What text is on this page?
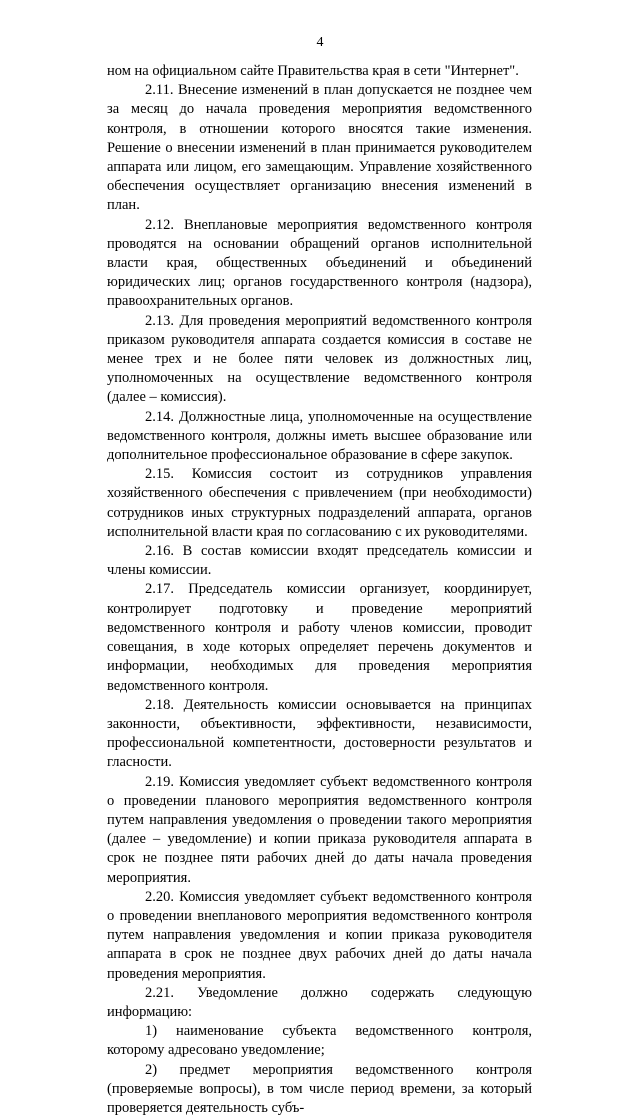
4

ном на официальном сайте Правительства края в сети "Интернет".

2.11. Внесение изменений в план допускается не позднее чем за месяц до начала проведения мероприятия ведомственного контроля, в отношении которого вносятся такие изменения. Решение о внесении изменений в план принимается руководителем аппарата или лицом, его замещающим. Управление хозяйственного обеспечения осуществляет организацию внесения изменений в план.

2.12. Внеплановые мероприятия ведомственного контроля проводятся на основании обращений органов исполнительной власти края, общественных объединений и объединений юридических лиц; органов государственного контроля (надзора), правоохранительных органов.

2.13. Для проведения мероприятий ведомственного контроля приказом руководителя аппарата создается комиссия в составе не менее трех и не более пяти человек из должностных лиц, уполномоченных на осуществление ведомственного контроля (далее – комиссия).

2.14. Должностные лица, уполномоченные на осуществление ведомственного контроля, должны иметь высшее образование или дополнительное профессиональное образование в сфере закупок.

2.15. Комиссия состоит из сотрудников управления хозяйственного обеспечения с привлечением (при необходимости) сотрудников иных структурных подразделений аппарата, органов исполнительной власти края по согласованию с их руководителями.

2.16. В состав комиссии входят председатель комиссии и члены комиссии.

2.17. Председатель комиссии организует, координирует, контролирует подготовку и проведение мероприятий ведомственного контроля и работу членов комиссии, проводит совещания, в ходе которых определяет перечень документов и информации, необходимых для проведения мероприятия ведомственного контроля.

2.18. Деятельность комиссии основывается на принципах законности, объективности, эффективности, независимости, профессиональной компетентности, достоверности результатов и гласности.

2.19. Комиссия уведомляет субъект ведомственного контроля о проведении планового мероприятия ведомственного контроля путем направления уведомления о проведении такого мероприятия (далее – уведомление) и копии приказа руководителя аппарата в срок не позднее пяти рабочих дней до даты начала проведения мероприятия.

2.20. Комиссия уведомляет субъект ведомственного контроля о проведении внепланового мероприятия ведомственного контроля путем направления уведомления и копии приказа руководителя аппарата в срок не позднее двух рабочих дней до даты начала проведения мероприятия.

2.21. Уведомление должно содержать следующую информацию:

1) наименование субъекта ведомственного контроля, которому адресовано уведомление;

2) предмет мероприятия ведомственного контроля (проверяемые вопросы), в том числе период времени, за который проверяется деятельность субъ-
